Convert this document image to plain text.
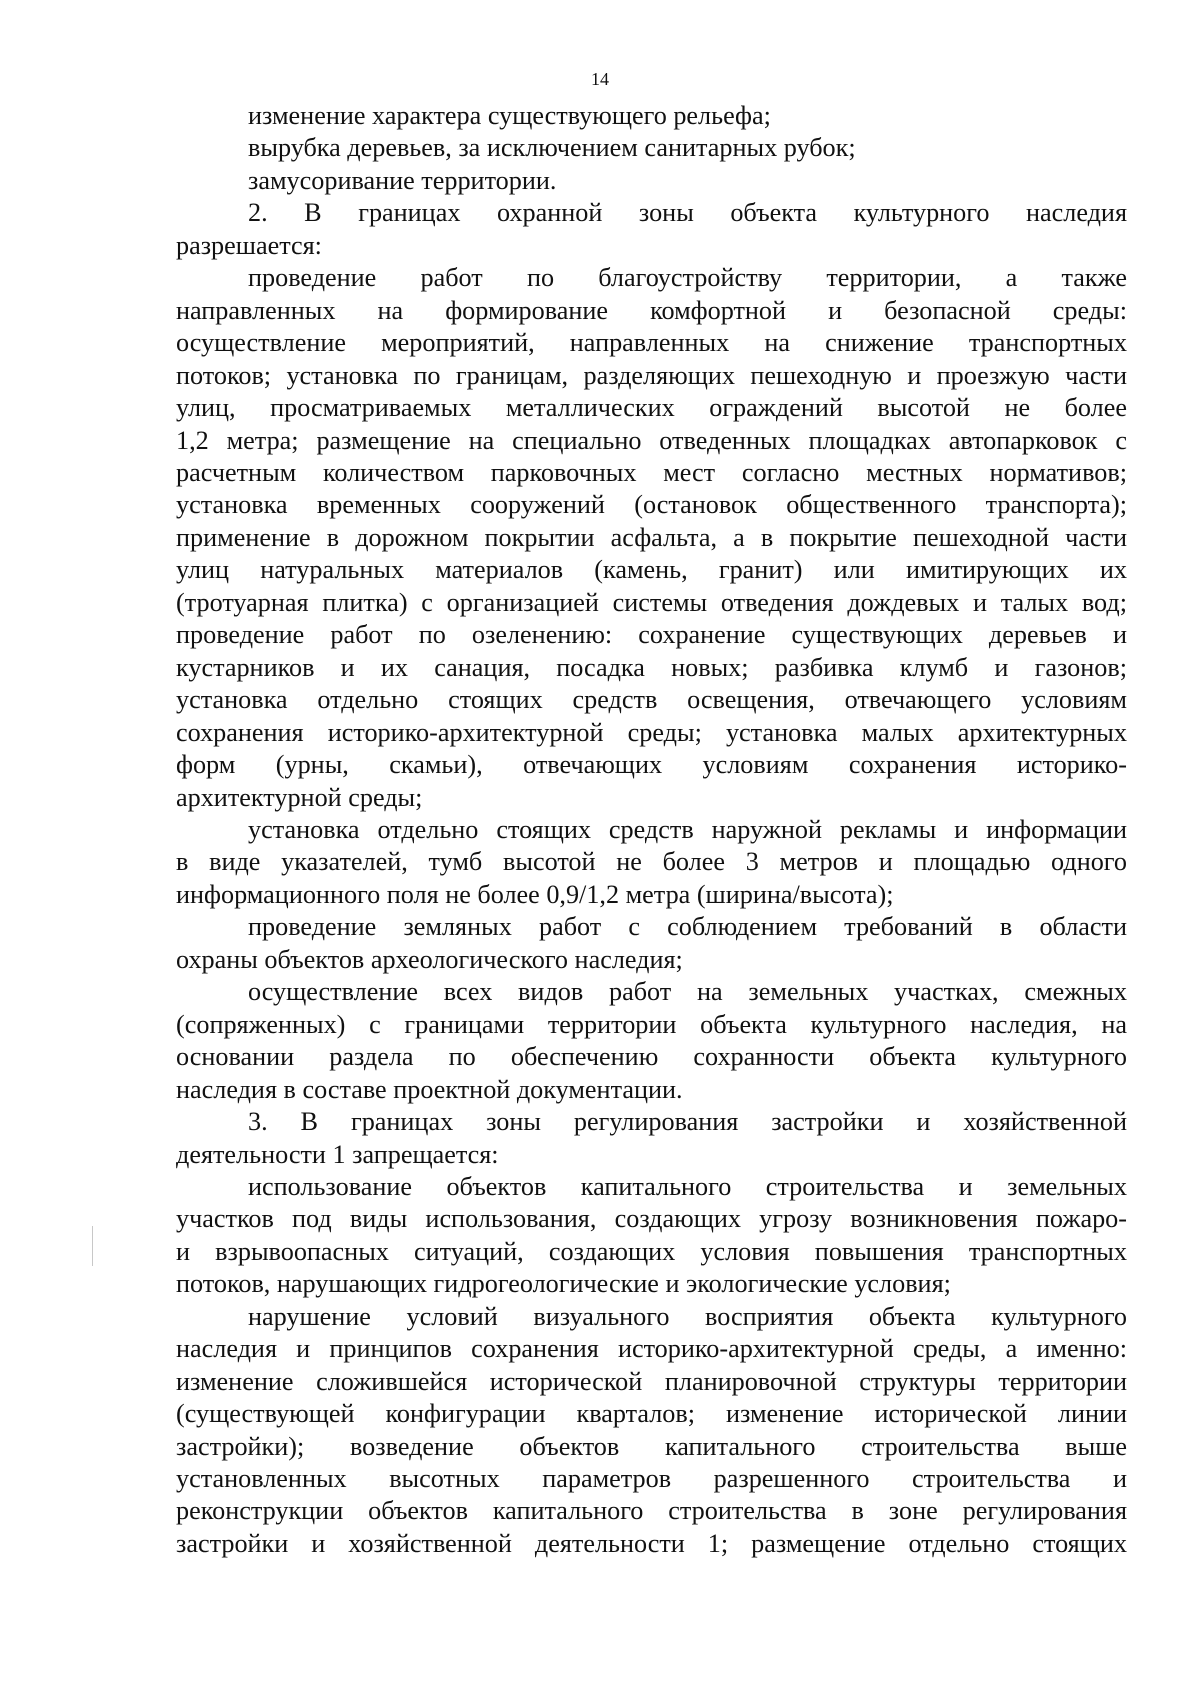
14
изменение характера существующего рельефа;
вырубка деревьев, за исключением санитарных рубок;
замусоривание территории.
2. В границах охранной зоны объекта культурного наследия
разрешается:
проведение работ по благоустройству территории, а также
направленных на формирование комфортной и безопасной среды:
осуществление мероприятий, направленных на снижение транспортных
потоков; установка по границам, разделяющих пешеходную и проезжую части
улиц, просматриваемых металлических ограждений высотой не более
1,2 метра; размещение на специально отведенных площадках автопарковок с
расчетным количеством парковочных мест согласно местных нормативов;
установка временных сооружений (остановок общественного транспорта);
применение в дорожном покрытии асфальта, а в покрытие пешеходной части
улиц натуральных материалов (камень, гранит) или имитирующих их
(тротуарная плитка) с организацией системы отведения дождевых и талых вод;
проведение работ по озеленению: сохранение существующих деревьев и
кустарников и их санация, посадка новых; разбивка клумб и газонов;
установка отдельно стоящих средств освещения, отвечающего условиям
сохранения историко-архитектурной среды; установка малых архитектурных
форм (урны, скамьи), отвечающих условиям сохранения историко-
архитектурной среды;
установка отдельно стоящих средств наружной рекламы и информации
в виде указателей, тумб высотой не более 3 метров и площадью одного
информационного поля не более 0,9/1,2 метра (ширина/высота);
проведение земляных работ с соблюдением требований в области
охраны объектов археологического наследия;
осуществление всех видов работ на земельных участках, смежных
(сопряженных) с границами территории объекта культурного наследия, на
основании раздела по обеспечению сохранности объекта культурного
наследия в составе проектной документации.
3. В границах зоны регулирования застройки и хозяйственной
деятельности 1 запрещается:
использование объектов капитального строительства и земельных
участков под виды использования, создающих угрозу возникновения пожаро-
и взрывоопасных ситуаций, создающих условия повышения транспортных
потоков, нарушающих гидрогеологические и экологические условия;
нарушение условий визуального восприятия объекта культурного
наследия и принципов сохранения историко-архитектурной среды, а именно:
изменение сложившейся исторической планировочной структуры территории
(существующей конфигурации кварталов; изменение исторической линии
застройки); возведение объектов капитального строительства выше
установленных высотных параметров разрешенного строительства и
реконструкции объектов капитального строительства в зоне регулирования
застройки и хозяйственной деятельности 1; размещение отдельно стоящих
